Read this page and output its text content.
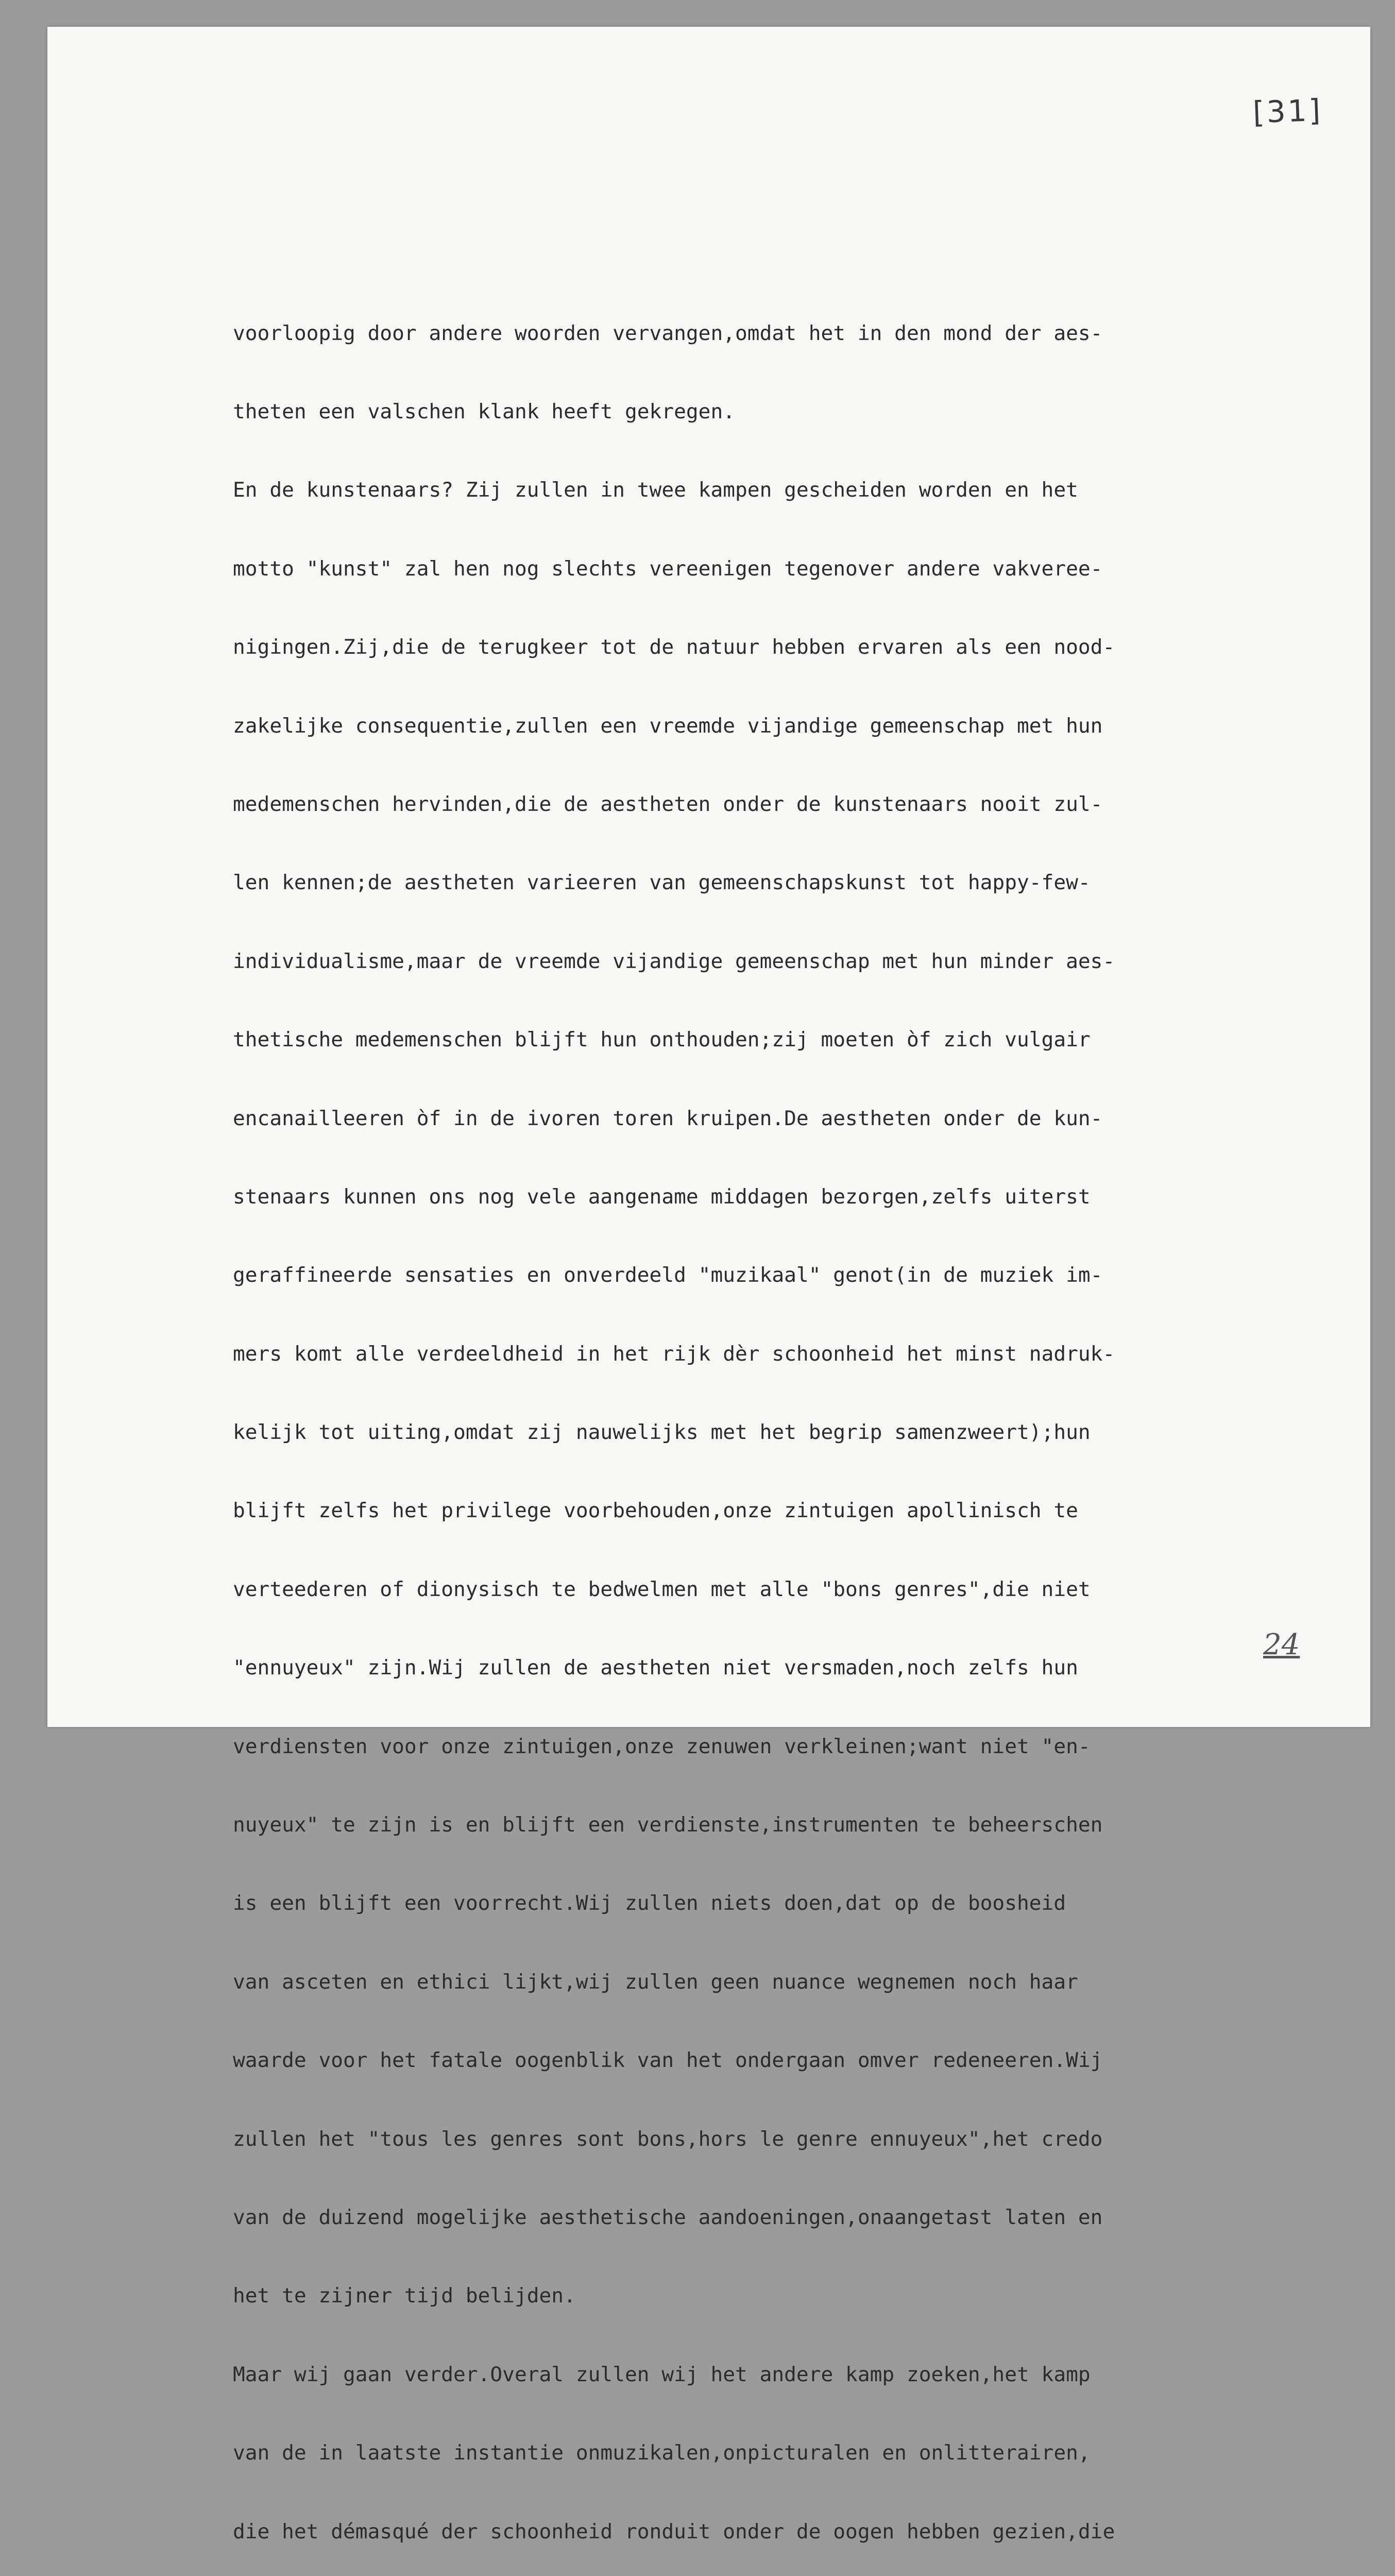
[31]

voorloopig door andere woorden vervangen,omdat het in den mond der aes-

theten een valschen klank heeft gekregen.

En de kunstenaars? Zij zullen in twee kampen gescheiden worden en het

motto "kunst" zal hen nog slechts vereenigen tegenover andere vakveree-

nigingen.Zij,die de terugkeer tot de natuur hebben ervaren als een nood-

zakelijke consequentie,zullen een vreemde vijandige gemeenschap met hun

medemenschen hervinden,die de aestheten onder de kunstenaars nooit zul-

len kennen;de aestheten varieeren van gemeenschapskunst tot happy-few-

individualisme,maar de vreemde vijandige gemeenschap met hun minder aes-

thetische medemenschen blijft hun onthouden;zij moeten òf zich vulgair

encanailleeren òf in de ivoren toren kruipen.De aestheten onder de kun-

stenaars kunnen ons nog vele aangename middagen bezorgen,zelfs uiterst

geraffineerde sensaties en onverdeeld "muzikaal" genot(in de muziek im-

mers komt alle verdeeldheid in het rijk dèr schoonheid het minst nadruk-

kelijk tot uiting,omdat zij nauwelijks met het begrip samenzweert);hun

blijft zelfs het privilege voorbehouden,onze zintuigen apollinisch te

verteederen of dionysisch te bedwelmen met alle "bons genres",die niet

"ennuyeux" zijn.Wij zullen de aestheten niet versmaden,noch zelfs hun

verdiensten voor onze zintuigen,onze zenuwen verkleinen;want niet "en-

nuyeux" te zijn is en blijft een verdienste,instrumenten te beheerschen

is een blijft een voorrecht.Wij zullen niets doen,dat op de boosheid

van asceten en ethici lijkt,wij zullen geen nuance wegnemen noch haar

waarde voor het fatale oogenblik van het ondergaan omver redeneeren.Wij

zullen het "tous les genres sont bons,hors le genre ennuyeux",het credo

van de duizend mogelijke aesthetische aandoeningen,onaangetast laten en

het te zijner tijd belijden.

Maar wij gaan verder.Overal zullen wij het andere kamp zoeken,het kamp

van de in laatste instantie onmuzikalen,onpicturalen en onlitterairen,

die het démasqué der schoonheid ronduit onder de oogen hebben gezien,die

24
